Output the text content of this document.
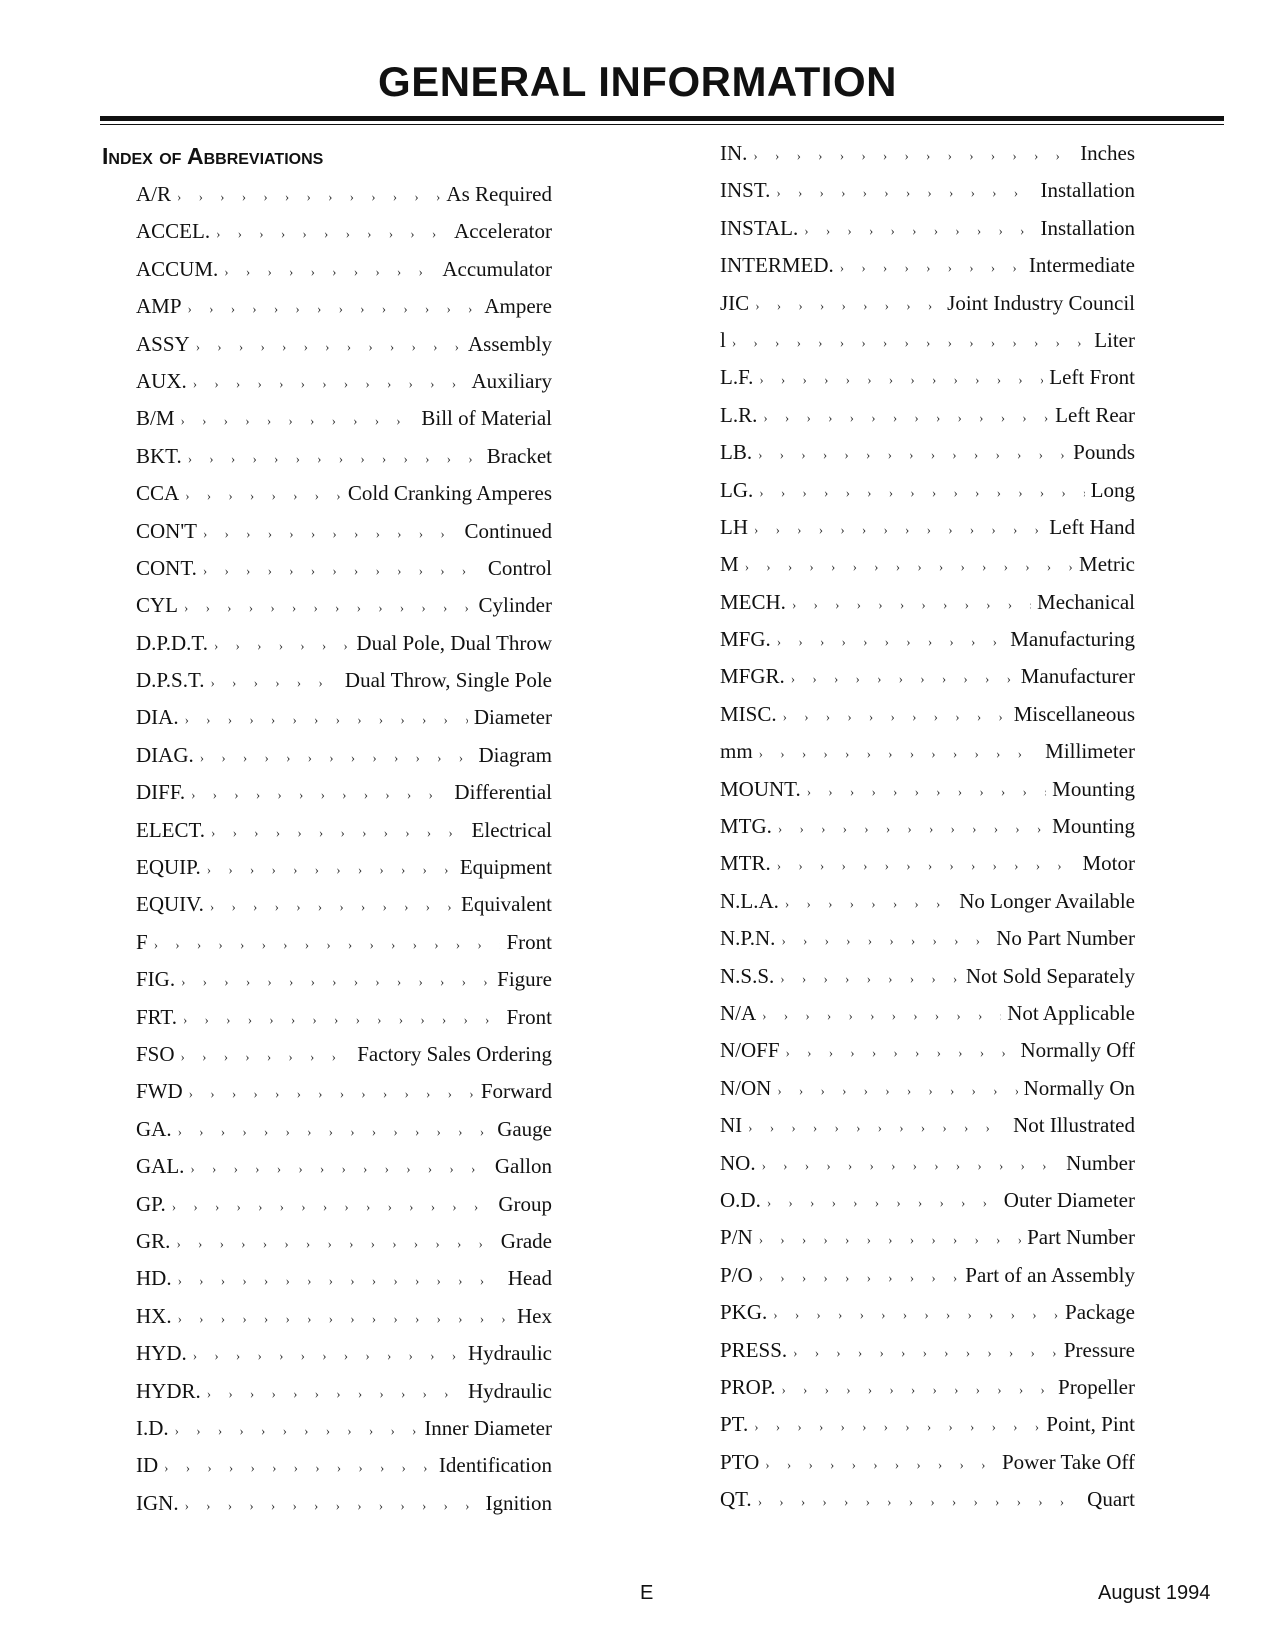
GENERAL INFORMATION
Index of Abbreviations
A/R › › › › › › › › › › › › › › › › › › › › › › › › › › › › › › › › › › › › › ›	As Required
ACCEL. › › › › › › › › › › › › › › › › › › › › › › › › › › › › › › › › › › › › › ›	Accelerator
ACCUM. › › › › › › › › › › › › › › › › › › › › › › › › › › › › › › › › › › › › › ›	Accumulator
AMP › › › › › › › › › › › › › › › › › › › › › › › › › › › › › › › › › › › › › ›	Ampere
ASSY › › › › › › › › › › › › › › › › › › › › › › › › › › › › › › › › › › › › › ›	Assembly
AUX. › › › › › › › › › › › › › › › › › › › › › › › › › › › › › › › › › › › › › ›	Auxiliary
B/M › › › › › › › › › › › › › › › › › › › › › › › › › › › › › › › › › › › › › ›	Bill of Material
BKT. › › › › › › › › › › › › › › › › › › › › › › › › › › › › › › › › › › › › › ›	Bracket
CCA › › › › › › › › › › › › › › › › › › › › › › › › › › › › › › › › › › › › › ›	Cold Cranking Amperes
CON'T › › › › › › › › › › › › › › › › › › › › › › › › › › › › › › › › › › › › › ›	Continued
CONT. › › › › › › › › › › › › › › › › › › › › › › › › › › › › › › › › › › › › › ›	Control
CYL › › › › › › › › › › › › › › › › › › › › › › › › › › › › › › › › › › › › › ›	Cylinder
D.P.D.T. › › › › › › › › › › › › › › › › › › › › › › › › › › › › › › › › › › › › › ›	Dual Pole, Dual Throw
D.P.S.T. › › › › › › › › › › › › › › › › › › › › › › › › › › › › › › › › › › › › › ›	Dual Throw, Single Pole
DIA. › › › › › › › › › › › › › › › › › › › › › › › › › › › › › › › › › › › › › ›	Diameter
DIAG. › › › › › › › › › › › › › › › › › › › › › › › › › › › › › › › › › › › › › ›	Diagram
DIFF. › › › › › › › › › › › › › › › › › › › › › › › › › › › › › › › › › › › › › ›	Differential
ELECT. › › › › › › › › › › › › › › › › › › › › › › › › › › › › › › › › › › › › › ›	Electrical
EQUIP. › › › › › › › › › › › › › › › › › › › › › › › › › › › › › › › › › › › › › ›	Equipment
EQUIV. › › › › › › › › › › › › › › › › › › › › › › › › › › › › › › › › › › › › › ›	Equivalent
F › › › › › › › › › › › › › › › › › › › › › › › › › › › › › › › › › › › › › ›	Front
FIG. › › › › › › › › › › › › › › › › › › › › › › › › › › › › › › › › › › › › › ›	Figure
FRT. › › › › › › › › › › › › › › › › › › › › › › › › › › › › › › › › › › › › › ›	Front
FSO › › › › › › › › › › › › › › › › › › › › › › › › › › › › › › › › › › › › › ›	Factory Sales Ordering
FWD › › › › › › › › › › › › › › › › › › › › › › › › › › › › › › › › › › › › › ›	Forward
GA. › › › › › › › › › › › › › › › › › › › › › › › › › › › › › › › › › › › › › ›	Gauge
GAL. › › › › › › › › › › › › › › › › › › › › › › › › › › › › › › › › › › › › › ›	Gallon
GP. › › › › › › › › › › › › › › › › › › › › › › › › › › › › › › › › › › › › › ›	Group
GR. › › › › › › › › › › › › › › › › › › › › › › › › › › › › › › › › › › › › › ›	Grade
HD. › › › › › › › › › › › › › › › › › › › › › › › › › › › › › › › › › › › › › ›	Head
HX. › › › › › › › › › › › › › › › › › › › › › › › › › › › › › › › › › › › › › ›	Hex
HYD. › › › › › › › › › › › › › › › › › › › › › › › › › › › › › › › › › › › › › ›	Hydraulic
HYDR. › › › › › › › › › › › › › › › › › › › › › › › › › › › › › › › › › › › › › ›	Hydraulic
I.D. › › › › › › › › › › › › › › › › › › › › › › › › › › › › › › › › › › › › › ›	Inner Diameter
ID › › › › › › › › › › › › › › › › › › › › › › › › › › › › › › › › › › › › › ›	Identification
IGN. › › › › › › › › › › › › › › › › › › › › › › › › › › › › › › › › › › › › › ›	Ignition
IN. › › › › › › › › › › › › › › › › › › › › › › › › › › › › › › › › › › › › › ›	Inches
INST. › › › › › › › › › › › › › › › › › › › › › › › › › › › › › › › › › › › › › ›	Installation
INSTAL. › › › › › › › › › › › › › › › › › › › › › › › › › › › › › › › › › › › › › ›	Installation
INTERMED. › › › › › › › › › › › › › › › › › › › › › › › › › › › › › › › › › › › › › ›	Intermediate
JIC › › › › › › › › › › › › › › › › › › › › › › › › › › › › › › › › › › › › › ›	Joint Industry Council
l › › › › › › › › › › › › › › › › › › › › › › › › › › › › › › › › › › › › › ›	Liter
L.F. › › › › › › › › › › › › › › › › › › › › › › › › › › › › › › › › › › › › › ›	Left Front
L.R. › › › › › › › › › › › › › › › › › › › › › › › › › › › › › › › › › › › › › ›	Left Rear
LB. › › › › › › › › › › › › › › › › › › › › › › › › › › › › › › › › › › › › › ›	Pounds
LG. › › › › › › › › › › › › › › › › › › › › › › › › › › › › › › › › › › › › › ›	Long
LH › › › › › › › › › › › › › › › › › › › › › › › › › › › › › › › › › › › › › ›	Left Hand
M › › › › › › › › › › › › › › › › › › › › › › › › › › › › › › › › › › › › › ›	Metric
MECH. › › › › › › › › › › › › › › › › › › › › › › › › › › › › › › › › › › › › › ›	Mechanical
MFG. › › › › › › › › › › › › › › › › › › › › › › › › › › › › › › › › › › › › › ›	Manufacturing
MFGR. › › › › › › › › › › › › › › › › › › › › › › › › › › › › › › › › › › › › › ›	Manufacturer
MISC. › › › › › › › › › › › › › › › › › › › › › › › › › › › › › › › › › › › › › ›	Miscellaneous
mm › › › › › › › › › › › › › › › › › › › › › › › › › › › › › › › › › › › › › ›	Millimeter
MOUNT. › › › › › › › › › › › › › › › › › › › › › › › › › › › › › › › › › › › › › ›	Mounting
MTG. › › › › › › › › › › › › › › › › › › › › › › › › › › › › › › › › › › › › › ›	Mounting
MTR. › › › › › › › › › › › › › › › › › › › › › › › › › › › › › › › › › › › › › ›	Motor
N.L.A. › › › › › › › › › › › › › › › › › › › › › › › › › › › › › › › › › › › › › ›	No Longer Available
N.P.N. › › › › › › › › › › › › › › › › › › › › › › › › › › › › › › › › › › › › › ›	No Part Number
N.S.S. › › › › › › › › › › › › › › › › › › › › › › › › › › › › › › › › › › › › › ›	Not Sold Separately
N/A › › › › › › › › › › › › › › › › › › › › › › › › › › › › › › › › › › › › › ›	Not Applicable
N/OFF › › › › › › › › › › › › › › › › › › › › › › › › › › › › › › › › › › › › › ›	Normally Off
N/ON › › › › › › › › › › › › › › › › › › › › › › › › › › › › › › › › › › › › › ›	Normally On
NI › › › › › › › › › › › › › › › › › › › › › › › › › › › › › › › › › › › › › ›	Not Illustrated
NO. › › › › › › › › › › › › › › › › › › › › › › › › › › › › › › › › › › › › › ›	Number
O.D. › › › › › › › › › › › › › › › › › › › › › › › › › › › › › › › › › › › › › ›	Outer Diameter
P/N › › › › › › › › › › › › › › › › › › › › › › › › › › › › › › › › › › › › › ›	Part Number
P/O › › › › › › › › › › › › › › › › › › › › › › › › › › › › › › › › › › › › › ›	Part of an Assembly
PKG. › › › › › › › › › › › › › › › › › › › › › › › › › › › › › › › › › › › › › ›	Package
PRESS. › › › › › › › › › › › › › › › › › › › › › › › › › › › › › › › › › › › › › ›	Pressure
PROP. › › › › › › › › › › › › › › › › › › › › › › › › › › › › › › › › › › › › › ›	Propeller
PT. › › › › › › › › › › › › › › › › › › › › › › › › › › › › › › › › › › › › › ›	Point, Pint
PTO › › › › › › › › › › › › › › › › › › › › › › › › › › › › › › › › › › › › › ›	Power Take Off
QT. › › › › › › › › › › › › › › › › › › › › › › › › › › › › › › › › › › › › › ›	Quart
E	August 1994
